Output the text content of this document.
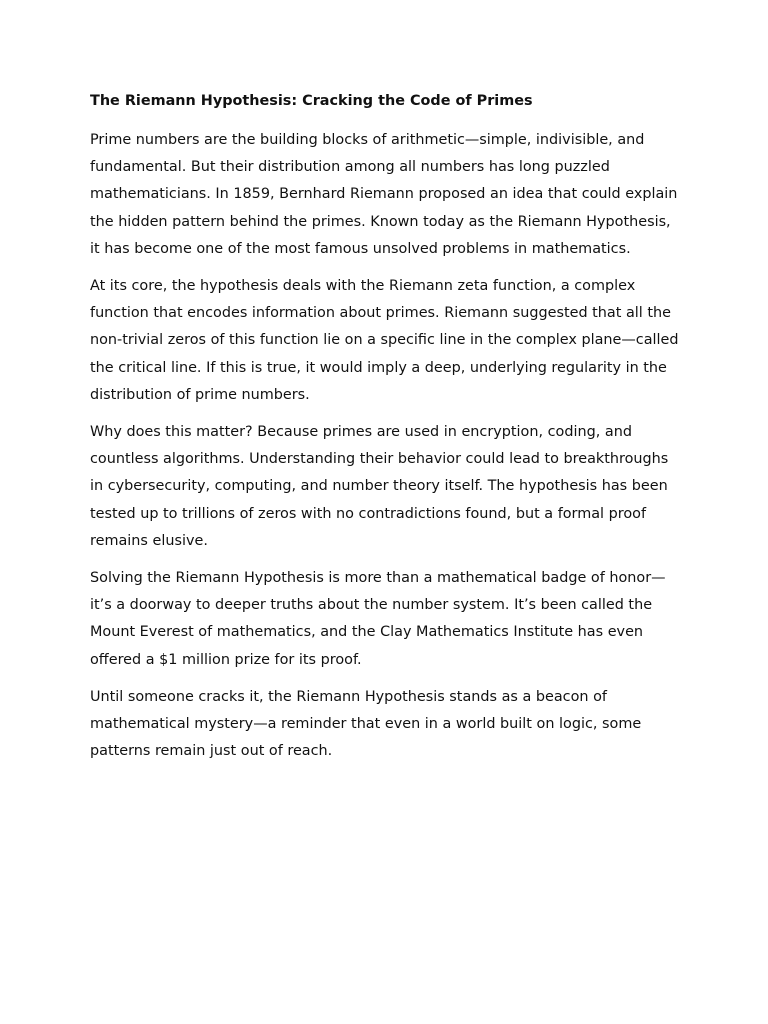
The Riemann Hypothesis: Cracking the Code of Primes

Prime numbers are the building blocks of arithmetic—simple, indivisible, and fundamental. But their distribution among all numbers has long puzzled mathematicians. In 1859, Bernhard Riemann proposed an idea that could explain the hidden pattern behind the primes. Known today as the Riemann Hypothesis, it has become one of the most famous unsolved problems in mathematics.

At its core, the hypothesis deals with the Riemann zeta function, a complex function that encodes information about primes. Riemann suggested that all the non-trivial zeros of this function lie on a specific line in the complex plane—called the critical line. If this is true, it would imply a deep, underlying regularity in the distribution of prime numbers.

Why does this matter? Because primes are used in encryption, coding, and countless algorithms. Understanding their behavior could lead to breakthroughs in cybersecurity, computing, and number theory itself. The hypothesis has been tested up to trillions of zeros with no contradictions found, but a formal proof remains elusive.

Solving the Riemann Hypothesis is more than a mathematical badge of honor—it’s a doorway to deeper truths about the number system. It’s been called the Mount Everest of mathematics, and the Clay Mathematics Institute has even offered a $1 million prize for its proof.

Until someone cracks it, the Riemann Hypothesis stands as a beacon of mathematical mystery—a reminder that even in a world built on logic, some patterns remain just out of reach.
